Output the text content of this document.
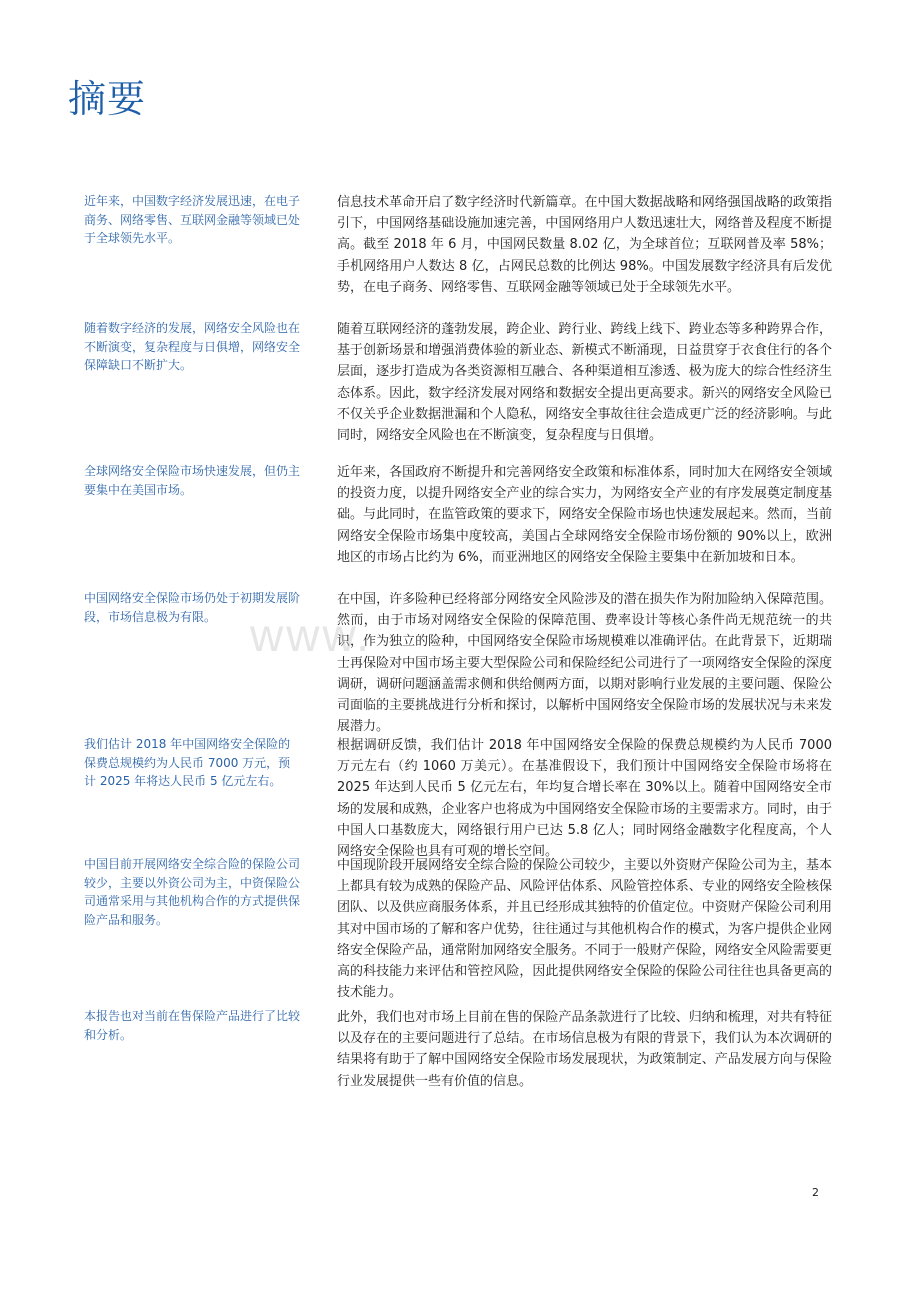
摘要

近年来，中国数字经济发展迅速，在电子商务、网络零售、互联网金融等领域已处于全球领先水平。

信息技术革命开启了数字经济时代新篇章。在中国大数据战略和网络强国战略的政策指引下，中国网络基础设施加速完善，中国网络用户人数迅速壮大，网络普及程度不断提高。截至 2018 年 6 月，中国网民数量 8.02 亿，为全球首位；互联网普及率 58%；手机网络用户人数达 8 亿，占网民总数的比例达 98%。中国发展数字经济具有后发优势，在电子商务、网络零售、互联网金融等领域已处于全球领先水平。

随着数字经济的发展，网络安全风险也在不断演变，复杂程度与日俱增，网络安全保障缺口不断扩大。

随着互联网经济的蓬勃发展，跨企业、跨行业、跨线上线下、跨业态等多种跨界合作，基于创新场景和增强消费体验的新业态、新模式不断涌现，日益贯穿于衣食住行的各个层面，逐步打造成为各类资源相互融合、各种渠道相互渗透、极为庞大的综合性经济生态体系。因此，数字经济发展对网络和数据安全提出更高要求。新兴的网络安全风险已不仅关乎企业数据泄漏和个人隐私，网络安全事故往往会造成更广泛的经济影响。与此同时，网络安全风险也在不断演变，复杂程度与日俱增。

全球网络安全保险市场快速发展，但仍主要集中在美国市场。

近年来，各国政府不断提升和完善网络安全政策和标准体系，同时加大在网络安全领域的投资力度，以提升网络安全产业的综合实力，为网络安全产业的有序发展奠定制度基础。与此同时，在监管政策的要求下，网络安全保险市场也快速发展起来。然而，当前网络安全保险市场集中度较高，美国占全球网络安全保险市场份额的 90%以上，欧洲地区的市场占比约为 6%，而亚洲地区的网络安全保险主要集中在新加坡和日本。

中国网络安全保险市场仍处于初期发展阶段，市场信息极为有限。

在中国，许多险种已经将部分网络安全风险涉及的潜在损失作为附加险纳入保障范围。然而，由于市场对网络安全保险的保障范围、费率设计等核心条件尚无规范统一的共识，作为独立的险种，中国网络安全保险市场规模难以准确评估。在此背景下，近期瑞士再保险对中国市场主要大型保险公司和保险经纪公司进行了一项网络安全保险的深度调研，调研问题涵盖需求侧和供给侧两方面，以期对影响行业发展的主要问题、保险公司面临的主要挑战进行分析和探讨，以解析中国网络安全保险市场的发展状况与未来发展潜力。

我们估计 2018 年中国网络安全保险的保费总规模约为人民币 7000 万元，预计 2025 年将达人民币 5 亿元左右。

根据调研反馈，我们估计 2018 年中国网络安全保险的保费总规模约为人民币 7000 万元左右（约 1060 万美元）。在基准假设下，我们预计中国网络安全保险市场将在 2025 年达到人民币 5 亿元左右，年均复合增长率在 30%以上。随着中国网络安全市场的发展和成熟，企业客户也将成为中国网络安全保险市场的主要需求方。同时，由于中国人口基数庞大，网络银行用户已达 5.8 亿人；同时网络金融数字化程度高，个人网络安全保险也具有可观的增长空间。

中国目前开展网络安全综合险的保险公司较少，主要以外资公司为主，中资保险公司通常采用与其他机构合作的方式提供保险产品和服务。

中国现阶段开展网络安全综合险的保险公司较少，主要以外资财产保险公司为主，基本上都具有较为成熟的保险产品、风险评估体系、风险管控体系、专业的网络安全险核保团队、以及供应商服务体系，并且已经形成其独特的价值定位。中资财产保险公司利用其对中国市场的了解和客户优势，往往通过与其他机构合作的模式，为客户提供企业网络安全保险产品，通常附加网络安全服务。不同于一般财产保险，网络安全风险需要更高的科技能力来评估和管控风险，因此提供网络安全保险的保险公司往往也具备更高的技术能力。

本报告也对当前在售保险产品进行了比较和分析。

此外，我们也对市场上目前在售的保险产品条款进行了比较、归纳和梳理，对共有特征以及存在的主要问题进行了总结。在市场信息极为有限的背景下，我们认为本次调研的结果将有助于了解中国网络安全保险市场发展现状，为政策制定、产品发展方向与保险行业发展提供一些有价值的信息。

www.

2
